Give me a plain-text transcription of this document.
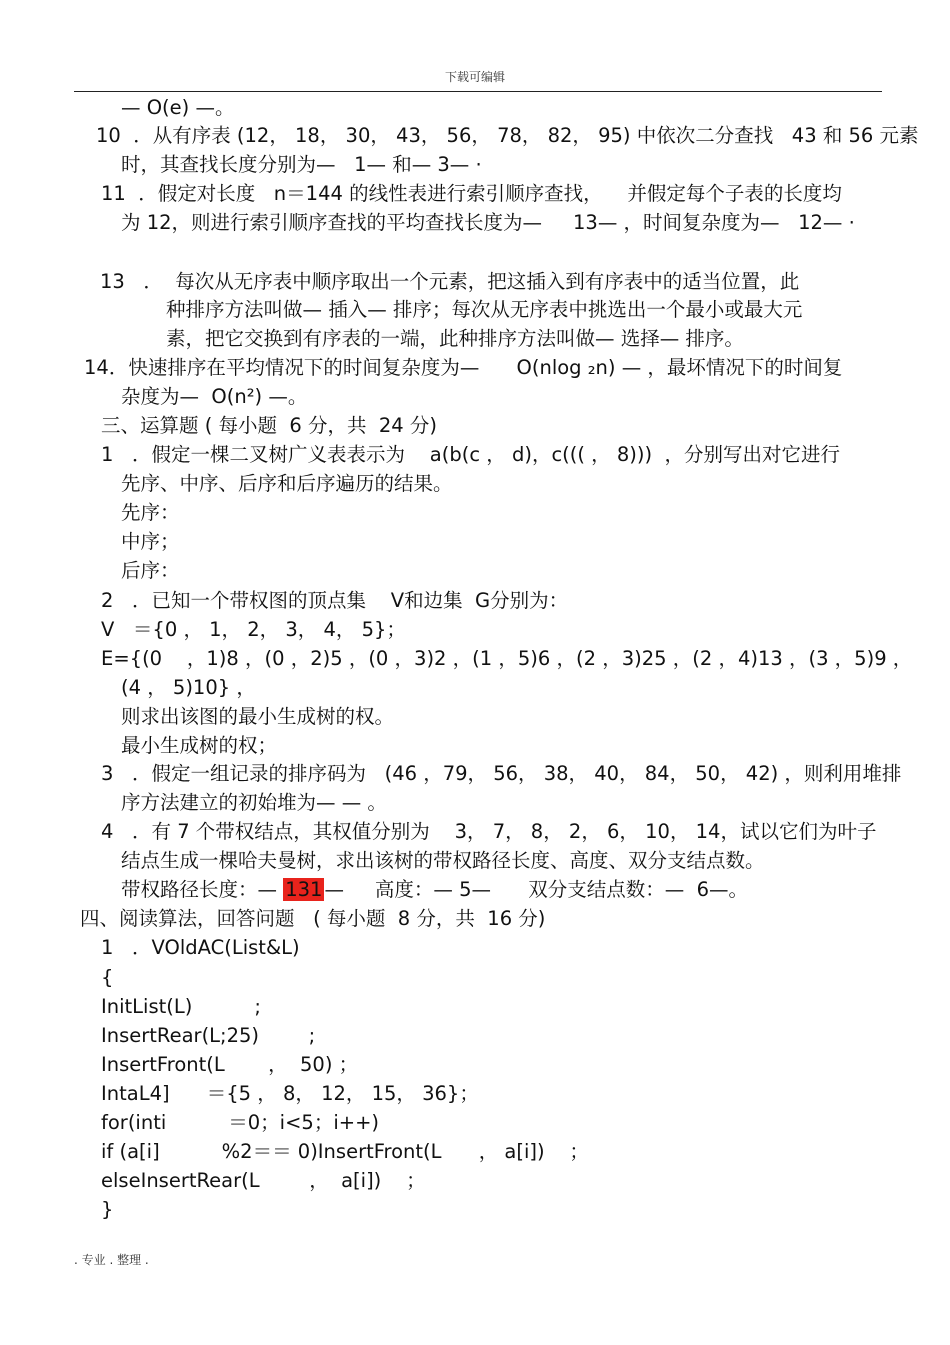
下载可编辑
— O(e) —。
10  ．从有序表 (12， 18， 30， 43， 56， 78， 82， 95) 中依次二分查找   43 和 56 元素
时，其查找长度分别为—   1— 和— 3— ·
11  ．假定对长度   n＝144 的线性表进行索引顺序查找，    并假定每个子表的长度均
为 12，则进行索引顺序查找的平均查找长度为—     13— ，时间复杂度为—   12— ·
13   ．  每次从无序表中顺序取出一个元素，把这插入到有序表中的适当位置，此
种排序方法叫做— 插入— 排序；每次从无序表中挑选出一个最小或最大元
素，把它交换到有序表的一端，此种排序方法叫做— 选择— 排序。
14．快速排序在平均情况下的时间复杂度为—      O(nlog ₂n) — ，最坏情况下的时间复
杂度为—  O(n²) —。
三、运算题 ( 每小题  6 分，共  24 分)
1   ．假定一棵二叉树广义表表示为    a(b(c ， d)，c((( ， 8)))  ，分别写出对它进行
先序、中序、后序和后序遍历的结果。
先序：
中序；
后序：
2   ．已知一个带权图的顶点集    V和边集  G分别为：
V   ＝{0 ， 1， 2， 3， 4， 5}；
E={(0    ，1)8 ，(0 ，2)5 ，(0 ，3)2 ，(1 ，5)6 ，(2 ，3)25 ，(2 ，4)13 ，(3 ，5)9 ，
(4 ， 5)10} ，
则求出该图的最小生成树的权。
最小生成树的权；
3   ．假定一组记录的排序码为   (46 ，79， 56， 38， 40， 84， 50， 42) ，则利用堆排
序方法建立的初始堆为— — 。
4   ．有 7 个带权结点，其权值分别为    3， 7， 8， 2， 6， 10， 14，试以它们为叶子
结点生成一棵哈夫曼树，求出该树的带权路径长度、高度、双分支结点数。
带权路径长度：— 131 —     高度：— 5—      双分支结点数：—  6—。
四、阅读算法，回答问题   ( 每小题  8 分，共  16 分)
1   ．VOldAC(List&L)
{
InitList(L)          ;
InsertRear(L;25)        ;
InsertFront(L       ，  50) ；
IntaL4]      ＝{5 ， 8， 12， 15， 36}；
for(inti          ＝0；i<5；i++)
if (a[i]          %2＝＝ 0)InsertFront(L      ， a[i])    ；
elseInsertRear(L        ，  a[i])    ；
}
. 专业 . 整理 .
